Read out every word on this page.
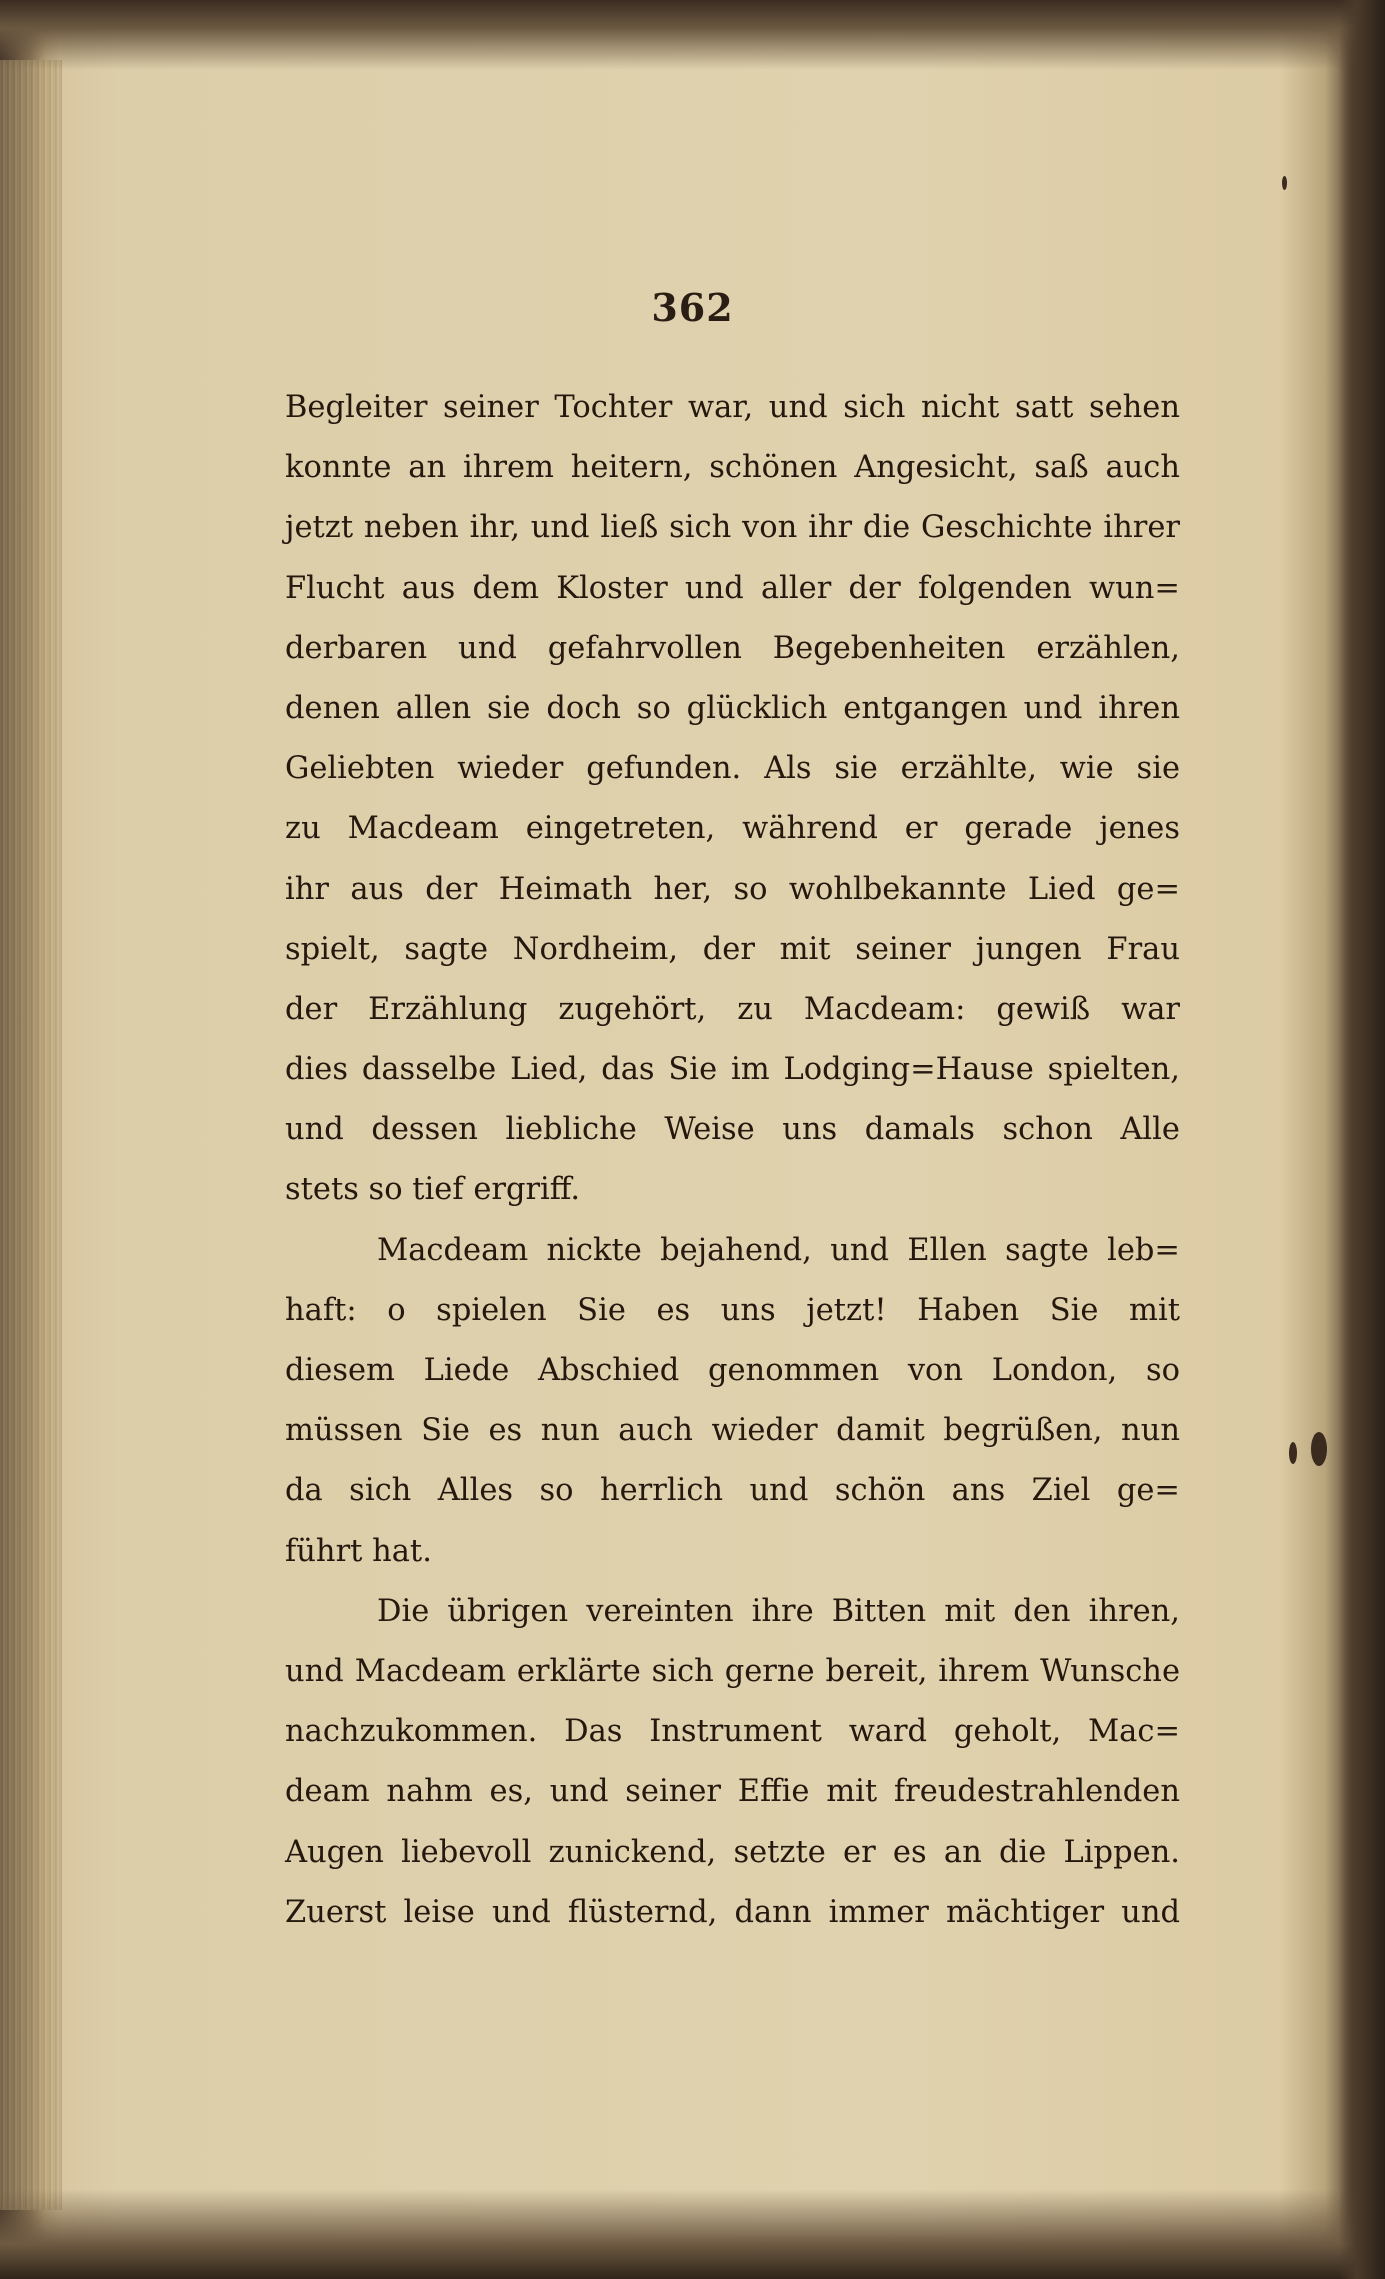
362
Begleiter seiner Tochter war, und sich nicht satt sehen
konnte an ihrem heitern, schönen Angesicht, saß auch
jetzt neben ihr, und ließ sich von ihr die Geschichte ihrer
Flucht aus dem Kloster und aller der folgenden wun=
derbaren und gefahrvollen Begebenheiten erzählen,
denen allen sie doch so glücklich entgangen und ihren
Geliebten wieder gefunden. Als sie erzählte, wie sie
zu Macdeam eingetreten, während er gerade jenes
ihr aus der Heimath her, so wohlbekannte Lied ge=
spielt, sagte Nordheim, der mit seiner jungen Frau
der Erzählung zugehört, zu Macdeam: gewiß war
dies dasselbe Lied, das Sie im Lodging=Hause spielten,
und dessen liebliche Weise uns damals schon Alle
stets so tief ergriff.
Macdeam nickte bejahend, und Ellen sagte leb=
haft: o spielen Sie es uns jetzt! Haben Sie mit
diesem Liede Abschied genommen von London, so
müssen Sie es nun auch wieder damit begrüßen, nun
da sich Alles so herrlich und schön ans Ziel ge=
führt hat.
Die übrigen vereinten ihre Bitten mit den ihren,
und Macdeam erklärte sich gerne bereit, ihrem Wunsche
nachzukommen. Das Instrument ward geholt, Mac=
deam nahm es, und seiner Effie mit freudestrahlenden
Augen liebevoll zunickend, setzte er es an die Lippen.
Zuerst leise und flüsternd, dann immer mächtiger und
